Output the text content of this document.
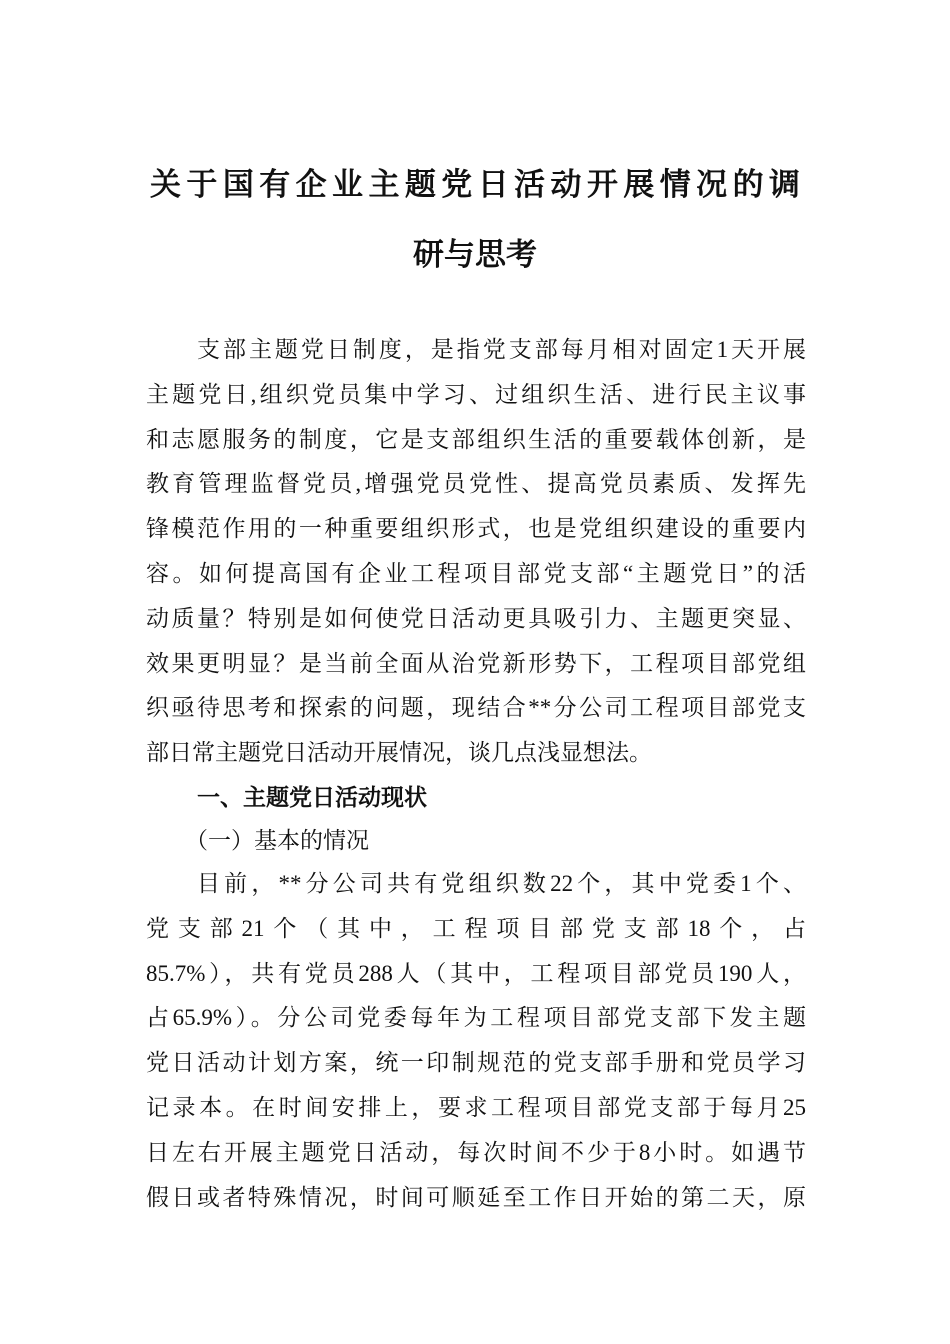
关于国有企业主题党日活动开展情况的调
研与思考
支部主题党日制度，是指党支部每月相对固定1天开展
主题党日,组织党员集中学习、过组织生活、进行民主议事
和志愿服务的制度，它是支部组织生活的重要载体创新，是
教育管理监督党员,增强党员党性、提高党员素质、发挥先
锋模范作用的一种重要组织形式，也是党组织建设的重要内
容。如何提高国有企业工程项目部党支部“主题党日”的活
动质量？特别是如何使党日活动更具吸引力、主题更突显、
效果更明显？是当前全面从治党新形势下，工程项目部党组
织亟待思考和探索的问题，现结合**分公司工程项目部党支
部日常主题党日活动开展情况，谈几点浅显想法。
一、主题党日活动现状
（一）基本的情况
目前，**分公司共有党组织数22个，其中党委1个、
党支部21个（其中，工程项目部党支部18个，占
85.7%），共有党员288人（其中，工程项目部党员190人，
占65.9%）。分公司党委每年为工程项目部党支部下发主题
党日活动计划方案，统一印制规范的党支部手册和党员学习
记录本。在时间安排上，要求工程项目部党支部于每月25
日左右开展主题党日活动，每次时间不少于8小时。如遇节
假日或者特殊情况，时间可顺延至工作日开始的第二天，原
